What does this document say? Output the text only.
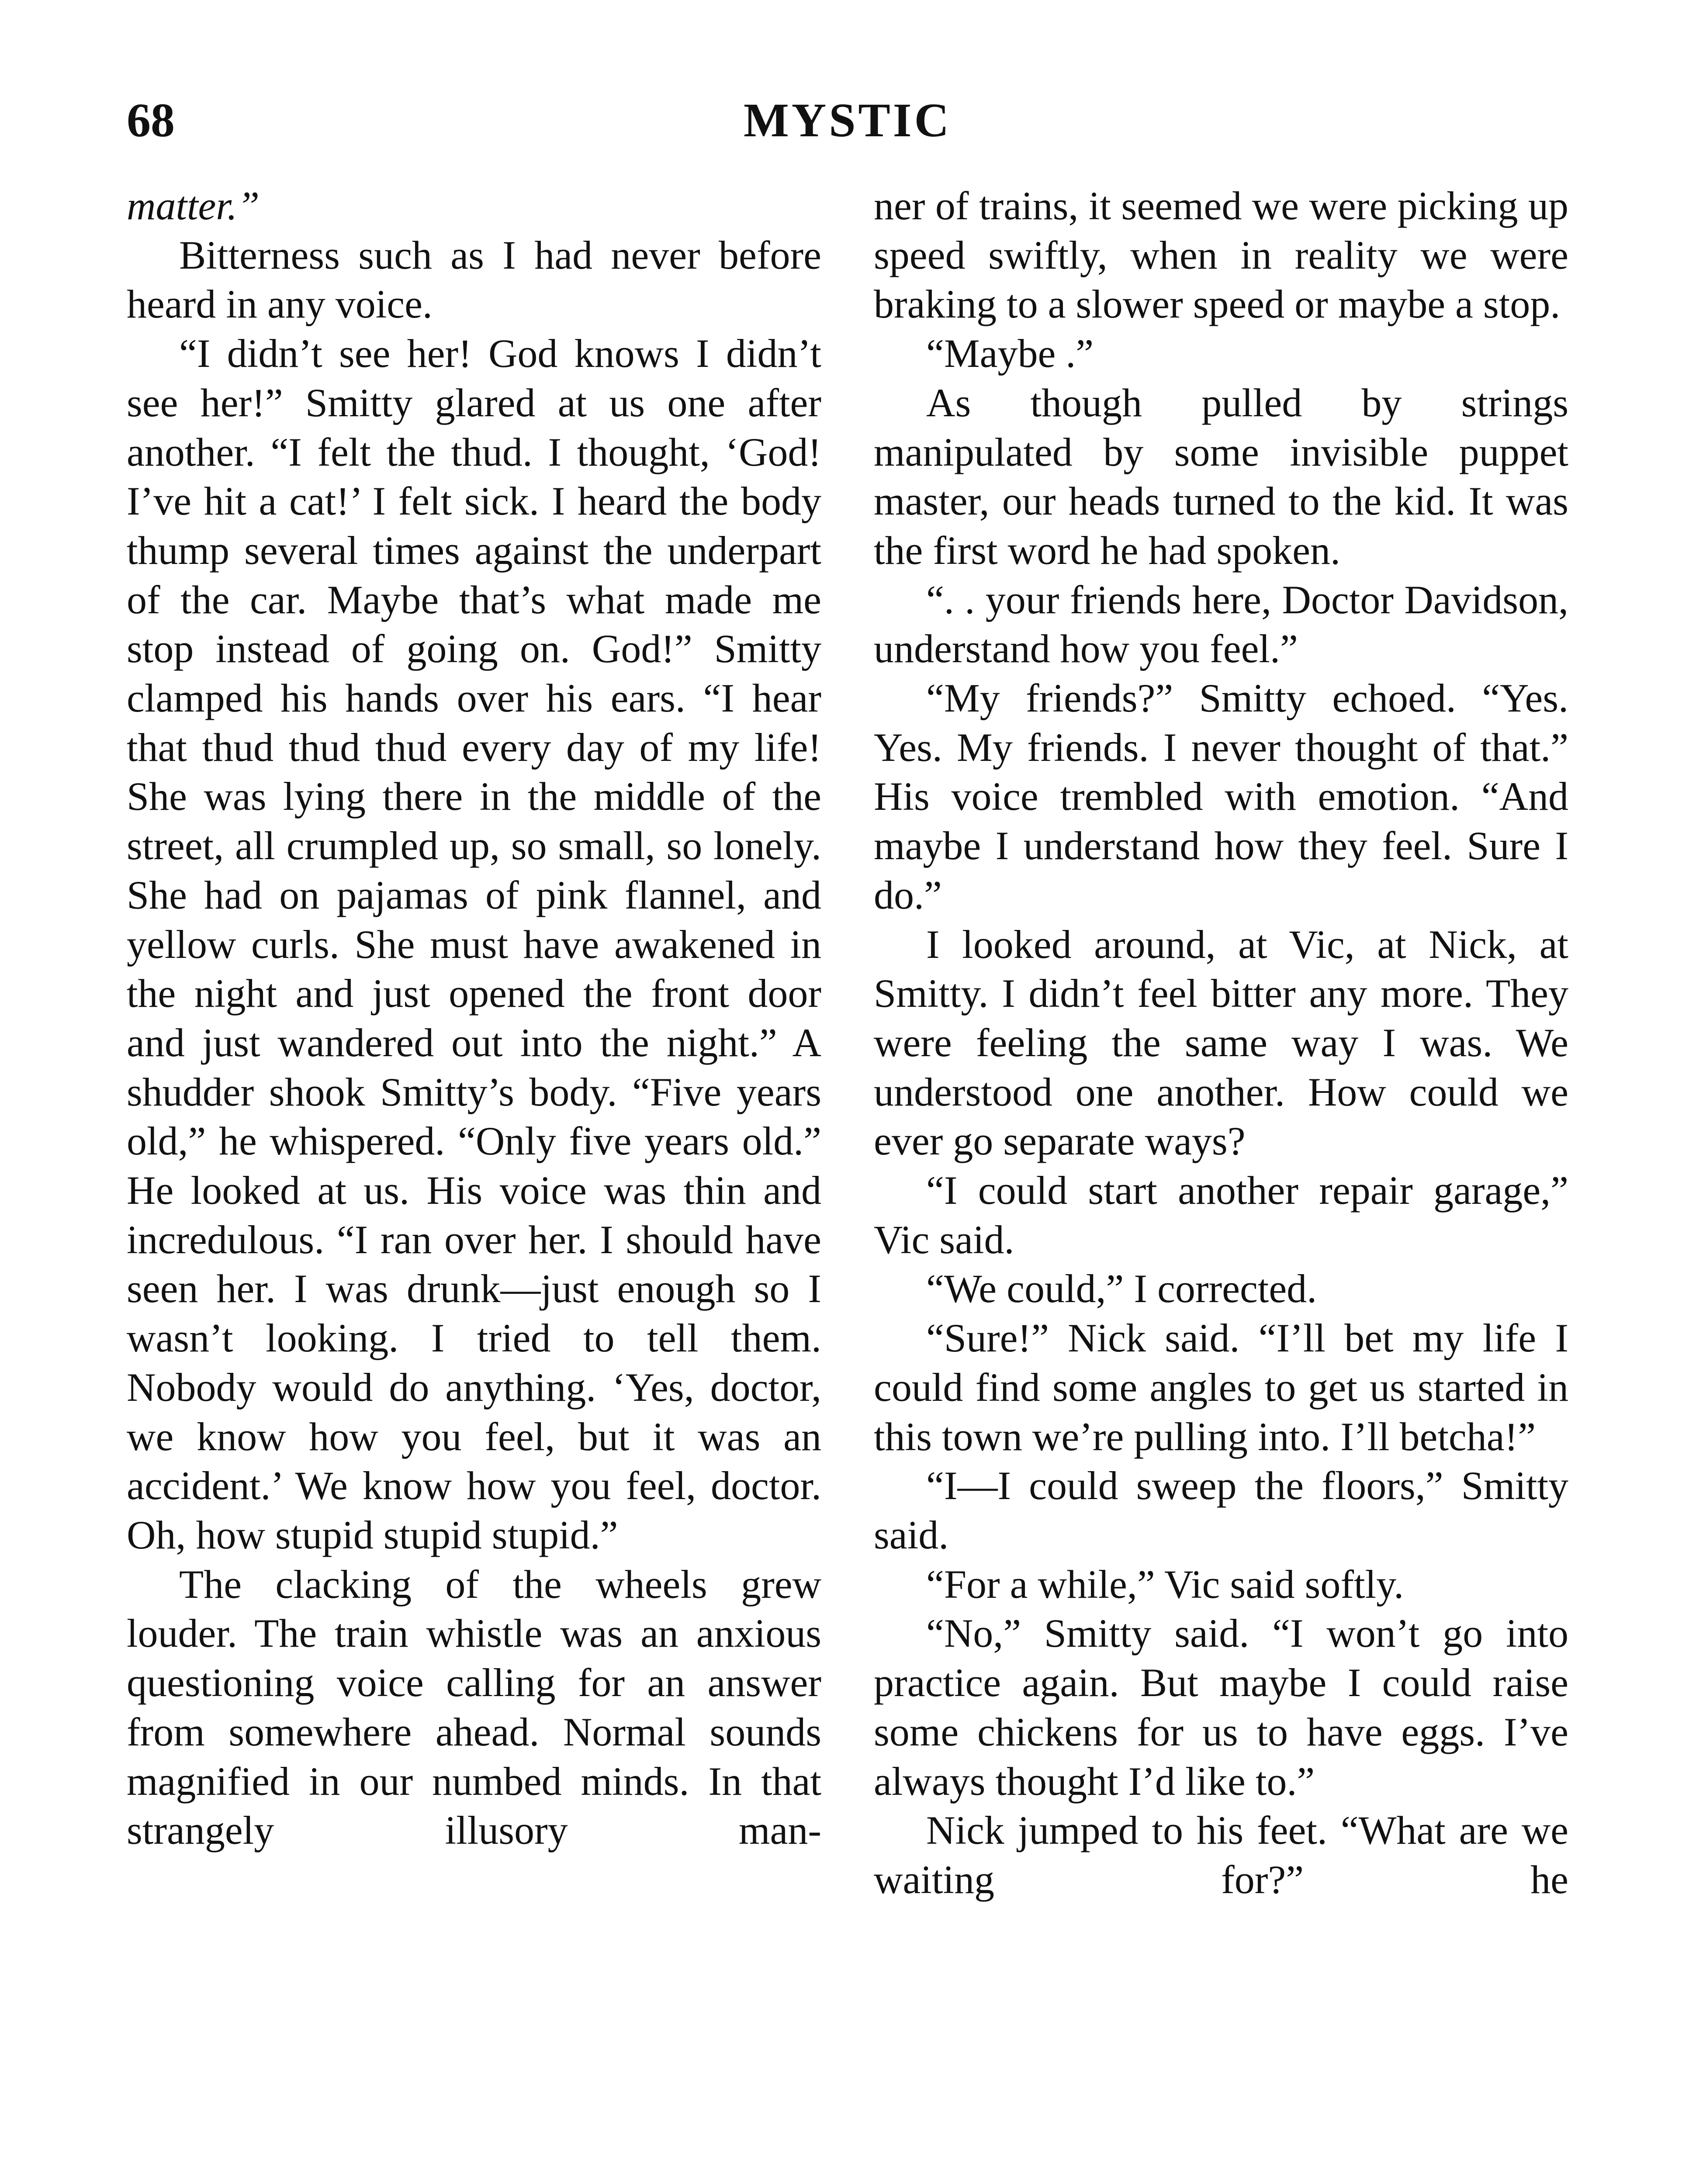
68	MYSTIC

matter.”

Bitterness such as I had never before heard in any voice.

“I didn’t see her! God knows I didn’t see her!” Smitty glared at us one after another. “I felt the thud. I thought, ‘God! I’ve hit a cat!’ I felt sick. I heard the body thump several times against the underpart of the car. Maybe that’s what made me stop instead of going on. God!” Smitty clamped his hands over his ears. “I hear that thud thud thud every day of my life! She was lying there in the middle of the street, all crumpled up, so small, so lonely. She had on pajamas of pink flannel, and yellow curls. She must have awakened in the night and just opened the front door and just wandered out into the night.” A shudder shook Smitty’s body. “Five years old,” he whispered. “Only five years old.” He looked at us. His voice was thin and incredulous. “I ran over her. I should have seen her. I was drunk—just enough so I wasn’t looking. I tried to tell them. Nobody would do anything. ‘Yes, doctor, we know how you feel, but it was an accident.’ We know how you feel, doctor. Oh, how stupid stupid stupid.”

The clacking of the wheels grew louder. The train whistle was an anxious questioning voice calling for an answer from somewhere ahead. Normal sounds magnified in our numbed minds. In that strangely illusory man-

ner of trains, it seemed we were picking up speed swiftly, when in reality we were braking to a slower speed or maybe a stop.

“Maybe .”

As though pulled by strings manipulated by some invisible puppet master, our heads turned to the kid. It was the first word he had spoken.

“. . your friends here, Doctor Davidson, understand how you feel.”

“My friends?” Smitty echoed. “Yes. Yes. My friends. I never thought of that.” His voice trembled with emotion. “And maybe I understand how they feel. Sure I do.”

I looked around, at Vic, at Nick, at Smitty. I didn’t feel bitter any more. They were feeling the same way I was. We understood one another. How could we ever go separate ways?

“I could start another repair garage,” Vic said.

“We could,” I corrected.

“Sure!” Nick said. “I’ll bet my life I could find some angles to get us started in this town we’re pulling into. I’ll betcha!”

“I—I could sweep the floors,” Smitty said.

“For a while,” Vic said softly.

“No,” Smitty said. “I won’t go into practice again. But maybe I could raise some chickens for us to have eggs. I’ve always thought I’d like to.”

Nick jumped to his feet. “What are we waiting for?” he
